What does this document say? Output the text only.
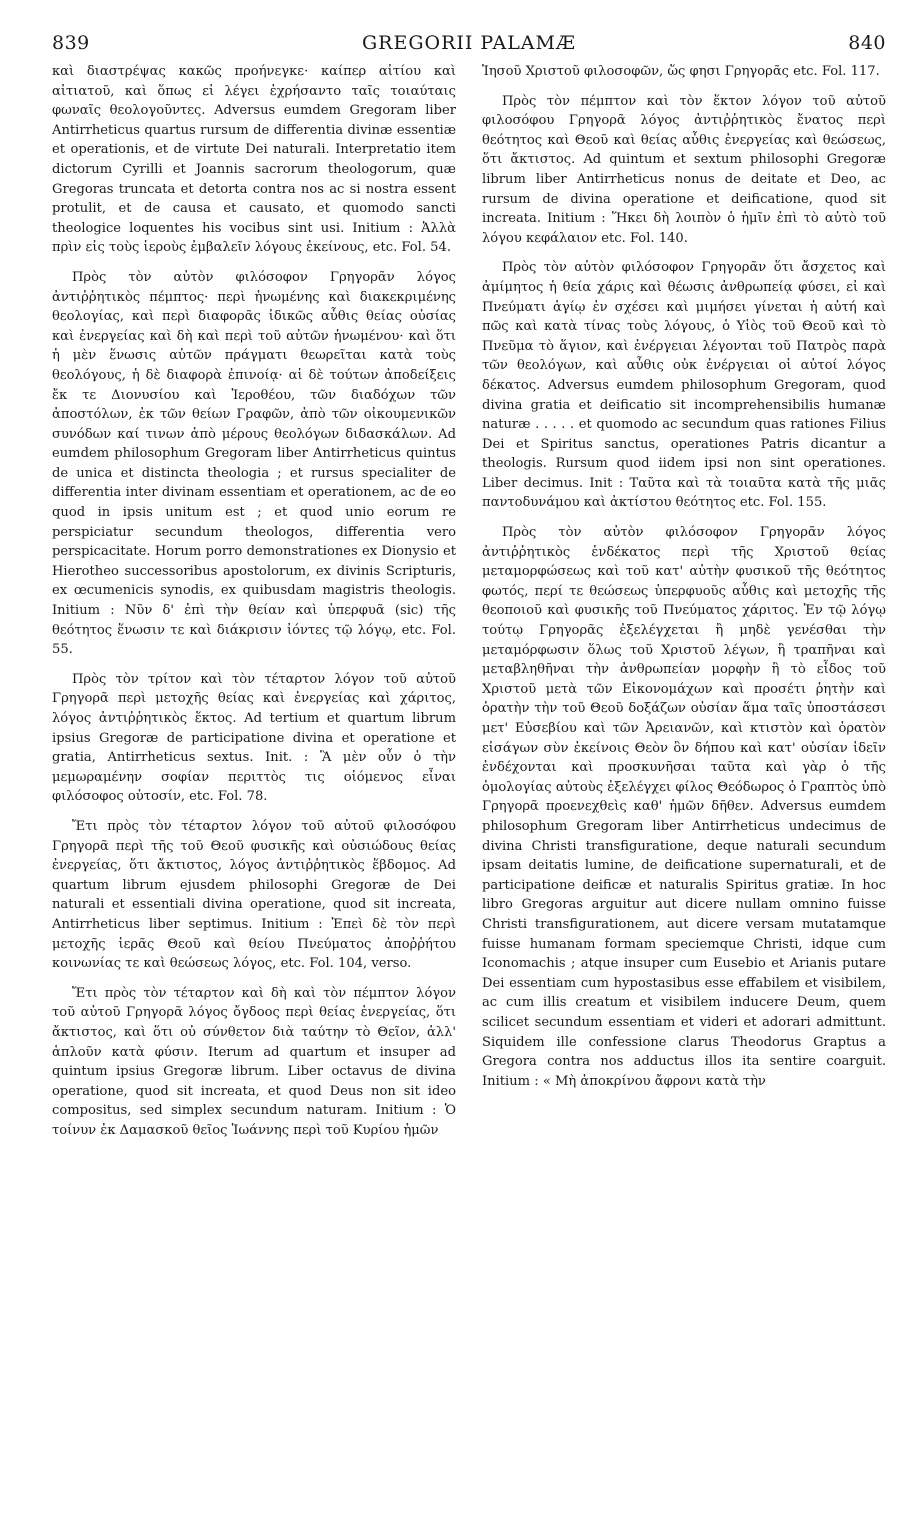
839	GREGORII PALAMÆ	840

καὶ διαστρέψας κακῶς προήνεγκε· καίπερ αἰτίου καὶ αἰτιατοῦ, καὶ ὅπως εἰ λέγει ἐχρήσαντο ταῖς τοιαύταις φωναῖς θεολογοῦντες. Adversus eumdem Gregoram liber Antirrheticus quartus rursum de differentia divinæ essentiæ et operationis, et de virtute Dei naturali. Interpretatio item dictorum Cyrilli et Joannis sacrorum theologorum, quæ Gregoras truncata et detorta contra nos ac si nostra essent protulit, et de causa et causato, et quomodo sancti theologice loquentes his vocibus sint usi. Initium : Ἀλλὰ πρὶν εἰς τοὺς ἱεροὺς ἐμβαλεῖν λόγους ἐκείνους, etc. Fol. 54.

Πρὸς τὸν αὐτὸν φιλόσοφον Γρηγορᾶν λόγος ἀντιῤῥητικὸς πέμπτος· περὶ ἡνωμένης καὶ διακεκριμένης θεολογίας, καὶ περὶ διαφορᾶς ἰδικῶς αὖθις θείας οὐσίας καὶ ἐνεργείας καὶ δὴ καὶ περὶ τοῦ αὐτῶν ἡνωμένου· καὶ ὅτι ἡ μὲν ἕνωσις αὐτῶν πράγματι θεωρεῖται κατὰ τοὺς θεολόγους, ἡ δὲ διαφορὰ ἐπινοίᾳ· αἱ δὲ τούτων ἀποδείξεις ἔκ τε Διονυσίου καὶ Ἱεροθέου, τῶν διαδόχων τῶν ἀποστόλων, ἐκ τῶν θείων Γραφῶν, ἀπὸ τῶν οἰκουμενικῶν συνόδων καί τινων ἀπὸ μέρους θεολόγων διδασκάλων. Ad eumdem philosophum Gregoram liber Antirrheticus quintus de unica et distincta theologia ; et rursus specialiter de differentia inter divinam essentiam et operationem, ac de eo quod in ipsis unitum est ; et quod unio eorum re perspiciatur secundum theologos, differentia vero perspicacitate. Horum porro demonstrationes ex Dionysio et Hierotheo successoribus apostolorum, ex divinis Scripturis, ex œcumenicis synodis, ex quibusdam magistris theologis. Initium : Νῦν δ' ἐπὶ τὴν θείαν καὶ ὑπερφυᾶ (sic) τῆς θεότητος ἕνωσιν τε καὶ διάκρισιν ἰόντες τῷ λόγῳ, etc. Fol. 55.

Πρὸς τὸν τρίτον καὶ τὸν τέταρτον λόγον τοῦ αὐτοῦ Γρηγορᾶ περὶ μετοχῆς θείας καὶ ἐνεργείας καὶ χάριτος, λόγος ἀντιῤῥητικὸς ἕκτος. Ad tertium et quartum librum ipsius Gregoræ de participatione divina et operatione et gratia, Antirrheticus sextus. Init. : Ἃ μὲν οὖν ὁ τὴν μεμωραμένην σοφίαν περιττὸς τις οἰόμενος εἶναι φιλόσοφος οὑτοσίν, etc. Fol. 78.

Ἔτι πρὸς τὸν τέταρτον λόγον τοῦ αὐτοῦ φιλοσόφου Γρηγορᾶ περὶ τῆς τοῦ Θεοῦ φυσικῆς καὶ οὐσιώδους θείας ἐνεργείας, ὅτι ἄκτιστος, λόγος ἀντιῤῥητικὸς ἕβδομος. Ad quartum librum ejusdem philosophi Gregoræ de Dei naturali et essentiali divina operatione, quod sit increata, Antirrheticus liber septimus. Initium : Ἐπεὶ δὲ τὸν περὶ μετοχῆς ἱερᾶς Θεοῦ καὶ θείου Πνεύματος ἀποῤῥήτου κοινωνίας τε καὶ θεώσεως λόγος, etc. Fol. 104, verso.

Ἔτι πρὸς τὸν τέταρτον καὶ δὴ καὶ τὸν πέμπτον λόγον τοῦ αὐτοῦ Γρηγορᾶ λόγος ὄγδοος περὶ θείας ἐνεργείας, ὅτι ἄκτιστος, καὶ ὅτι οὐ σύνθετον διὰ ταύτην τὸ Θεῖον, ἀλλ' ἁπλοῦν κατὰ φύσιν. Iterum ad quartum et insuper ad quintum ipsius Gregoræ librum. Liber octavus de divina operatione, quod sit increata, et quod Deus non sit ideo compositus, sed simplex secundum naturam. Initium : Ὁ τοίνυν ἐκ Δαμασκοῦ θεῖος Ἰωάννης περὶ τοῦ Κυρίου ἡμῶν

Ἰησοῦ Χριστοῦ φιλοσοφῶν, ὥς φησι Γρηγορᾶς etc. Fol. 117.

Πρὸς τὸν πέμπτον καὶ τὸν ἕκτον λόγον τοῦ αὐτοῦ φιλοσόφου Γρηγορᾶ λόγος ἀντιῤῥητικὸς ἔνατος περὶ θεότητος καὶ Θεοῦ καὶ θείας αὖθις ἐνεργείας καὶ θεώσεως, ὅτι ἄκτιστος. Ad quintum et sextum philosophi Gregoræ librum liber Antirrheticus nonus de deitate et Deo, ac rursum de divina operatione et deificatione, quod sit increata. Initium : Ἥκει δὴ λοιπὸν ὁ ἡμῖν ἐπὶ τὸ αὐτὸ τοῦ λόγου κεφάλαιον etc. Fol. 140.

Πρὸς τὸν αὐτὸν φιλόσοφον Γρηγορᾶν ὅτι ἄσχετος καὶ ἀμίμητος ἡ θεία χάρις καὶ θέωσις ἀνθρωπείᾳ φύσει, εἰ καὶ Πνεύματι ἁγίῳ ἐν σχέσει καὶ μιμήσει γίνεται ἡ αὐτή καὶ πῶς καὶ κατὰ τίνας τοὺς λόγους, ὁ Υἱὸς τοῦ Θεοῦ καὶ τὸ Πνεῦμα τὸ ἅγιον, καὶ ἐνέργειαι λέγονται τοῦ Πατρὸς παρὰ τῶν θεολόγων, καὶ αὖθις οὐκ ἐνέργειαι οἱ αὐτοί λόγος δέκατος. Adversus eumdem philosophum Gregoram, quod divina gratia et deificatio sit incomprehensibilis humanæ naturæ . . . . . et quomodo ac secundum quas rationes Filius Dei et Spiritus sanctus, operationes Patris dicantur a theologis. Rursum quod iidem ipsi non sint operationes. Liber decimus. Init : Ταῦτα καὶ τὰ τοιαῦτα κατὰ τῆς μιᾶς παντοδυνάμου καὶ ἀκτίστου θεότητος etc. Fol. 155.

Πρὸς τὸν αὐτὸν φιλόσοφον Γρηγορᾶν λόγος ἀντιῤῥητικὸς ἑνδέκατος περὶ τῆς Χριστοῦ θείας μεταμορφώσεως καὶ τοῦ κατ' αὐτὴν φυσικοῦ τῆς θεότητος φωτός, περί τε θεώσεως ὑπερφυοῦς αὖθις καὶ μετοχῆς τῆς θεοποιοῦ καὶ φυσικῆς τοῦ Πνεύματος χάριτος. Ἐν τῷ λόγῳ τούτῳ Γρηγορᾶς ἐξελέγχεται ἢ μηδὲ γενέσθαι τὴν μεταμόρφωσιν ὅλως τοῦ Χριστοῦ λέγων, ἢ τραπῆναι καὶ μεταβληθῆναι τὴν ἀνθρωπείαν μορφὴν ἢ τὸ εἶδος τοῦ Χριστοῦ μετὰ τῶν Εἰκονομάχων καὶ προσέτι ῥητὴν καὶ ὁρατὴν τὴν τοῦ Θεοῦ δοξάζων οὐσίαν ἅμα ταῖς ὑποστάσεσι μετ' Εὐσεβίου καὶ τῶν Ἀρειανῶν, καὶ κτιστὸν καὶ ὁρατὸν εἰσάγων σὺν ἐκείνοις Θεὸν ὃν δήπου καὶ κατ' οὐσίαν ἰδεῖν ἐνδέχονται καὶ προσκυνῆσαι ταῦτα καὶ γὰρ ὁ τῆς ὁμολογίας αὐτοὺς ἐξελέγχει φίλος Θεόδωρος ὁ Γραπτὸς ὑπὸ Γρηγορᾶ προενεχθεὶς καθ' ἡμῶν δῆθεν. Adversus eumdem philosophum Gregoram liber Antirrheticus undecimus de divina Christi transfiguratione, deque naturali secundum ipsam deitatis lumine, de deificatione supernaturali, et de participatione deificæ et naturalis Spiritus gratiæ. In hoc libro Gregoras arguitur aut dicere nullam omnino fuisse Christi transfigurationem, aut dicere versam mutatamque fuisse humanam formam speciemque Christi, idque cum Iconomachis ; atque insuper cum Eusebio et Arianis putare Dei essentiam cum hypostasibus esse effabilem et visibilem, ac cum illis creatum et visibilem inducere Deum, quem scilicet secundum essentiam et videri et adorari admittunt. Siquidem ille confessione clarus Theodorus Graptus a Gregora contra nos adductus illos ita sentire coarguit. Initium : « Μὴ ἀποκρίνου ἄφρονι κατὰ τὴν
